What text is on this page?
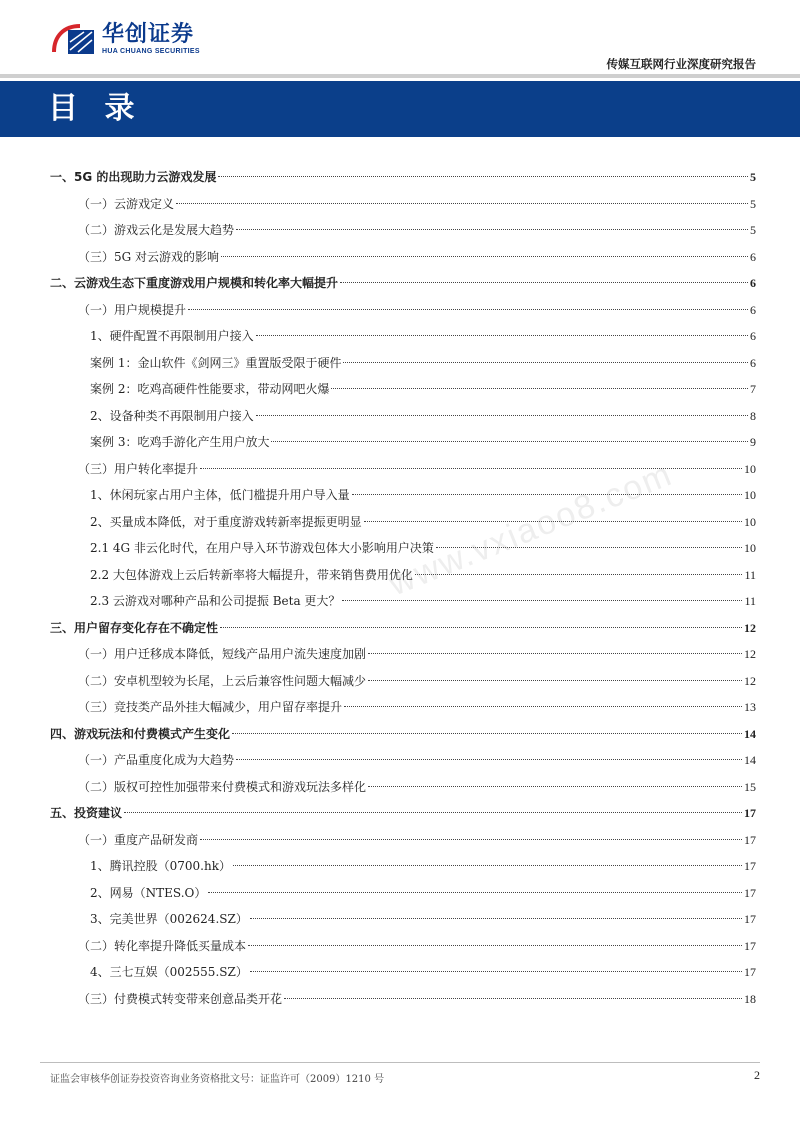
华创证券
HUA CHUANG SECURITIES
传媒互联网行业深度研究报告
目 录
一、5G 的出现助力云游戏发展	5
（一）云游戏定义	5
（二）游戏云化是发展大趋势	5
（三）5G 对云游戏的影响	6
二、云游戏生态下重度游戏用户规模和转化率大幅提升	6
（一）用户规模提升	6
1、硬件配置不再限制用户接入	6
案例 1：金山软件《剑网三》重置版受限于硬件	6
案例 2：吃鸡高硬件性能要求，带动网吧火爆	7
2、设备种类不再限制用户接入	8
案例 3：吃鸡手游化产生用户放大	9
（三）用户转化率提升	10
1、休闲玩家占用户主体，低门槛提升用户导入量	10
2、买量成本降低，对于重度游戏转新率提振更明显	10
2.1 4G 非云化时代，在用户导入环节游戏包体大小影响用户决策	10
2.2 大包体游戏上云后转新率将大幅提升，带来销售费用优化	11
2.3 云游戏对哪种产品和公司提振 Beta 更大？	11
三、用户留存变化存在不确定性	12
（一）用户迁移成本降低，短线产品用户流失速度加剧	12
（二）安卓机型较为长尾，上云后兼容性问题大幅减少	12
（三）竞技类产品外挂大幅减少，用户留存率提升	13
四、游戏玩法和付费模式产生变化	14
（一）产品重度化成为大趋势	14
（二）版权可控性加强带来付费模式和游戏玩法多样化	15
五、投资建议	17
（一）重度产品研发商	17
1、腾讯控股（0700.hk）	17
2、网易（NTES.O）	17
3、完美世界（002624.SZ）	17
（二）转化率提升降低买量成本	17
4、三七互娱（002555.SZ）	17
（三）付费模式转变带来创意品类开花	18
www.vxiaoo8.com
证监会审核华创证券投资咨询业务资格批文号：证监许可（2009）1210 号	2
